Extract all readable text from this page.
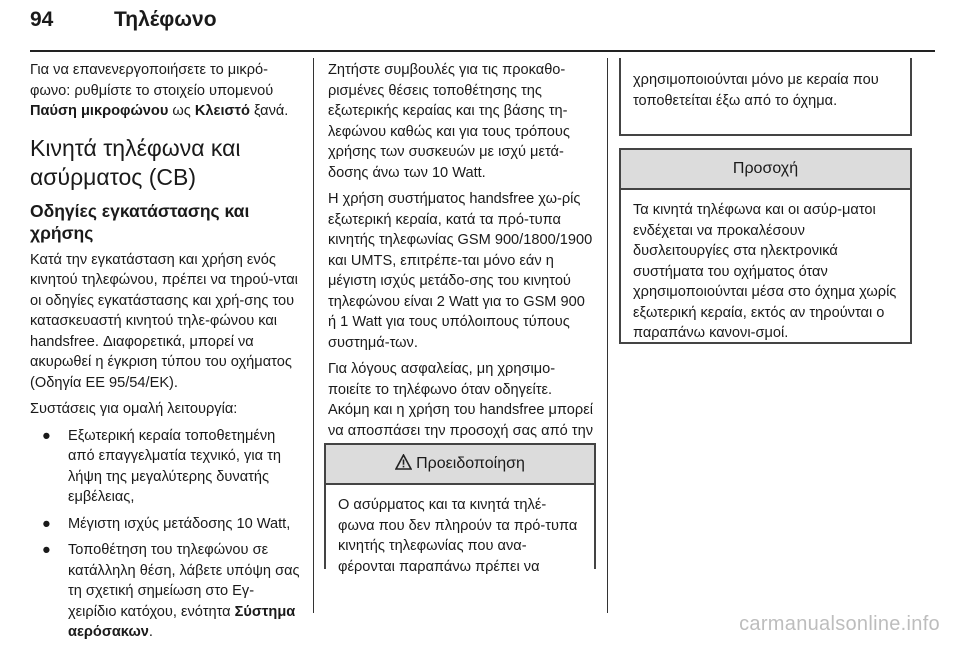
94	Τηλέφωνο

Για να επανενεργοποιήσετε το μικρό-φωνο: ρυθμίστε το στοιχείο υπομενού Παύση μικροφώνου ως Κλειστό ξανά.

Κινητά τηλέφωνα και ασύρματος (CB)
Οδηγίες εγκατάστασης και χρήσης

Κατά την εγκατάσταση και χρήση ενός κινητού τηλεφώνου, πρέπει να τηρού-νται οι οδηγίες εγκατάστασης και χρή-σης του κατασκευαστή κινητού τηλε-φώνου και handsfree. Διαφορετικά, μπορεί να ακυρωθεί η έγκριση τύπου του οχήματος (Οδηγία ΕΕ 95/54/ΕΚ).

Συστάσεις για ομαλή λειτουργία:

● Εξωτερική κεραία τοποθετημένη από επαγγελματία τεχνικό, για τη λήψη της μεγαλύτερης δυνατής εμβέλειας,
● Μέγιστη ισχύς μετάδοσης 10 Watt,
● Τοποθέτηση του τηλεφώνου σε κατάλληλη θέση, λάβετε υπόψη σας τη σχετική σημείωση στο Εγ-χειρίδιο κατόχου, ενότητα Σύστημα αερόσακων.

Ζητήστε συμβουλές για τις προκαθο-ρισμένες θέσεις τοποθέτησης της εξωτερικής κεραίας και της βάσης τη-λεφώνου καθώς και για τους τρόπους χρήσης των συσκευών με ισχύ μετά-δοσης άνω των 10 Watt.

Η χρήση συστήματος handsfree χω-ρίς εξωτερική κεραία, κατά τα πρό-τυπα κινητής τηλεφωνίας GSM 900/1800/1900 και UMTS, επιτρέπε-ται μόνο εάν η μέγιστη ισχύς μετάδο-σης του κινητού τηλεφώνου είναι 2 Watt για το GSM 900 ή 1 Watt για τους υπόλοιπους τύπους συστημά-των.

Για λόγους ασφαλείας, μη χρησιμο-ποιείτε το τηλέφωνο όταν οδηγείτε. Ακόμη και η χρήση του handsfree μπορεί να αποσπάσει την προσοχή σας από την

Προειδοποίηση
Ο ασύρματος και τα κινητά τηλέ-φωνα που δεν πληρούν τα πρό-τυπα κινητής τηλεφωνίας που ανα-φέρονται παραπάνω πρέπει να
χρησιμοποιούνται μόνο με κεραία που τοποθετείται έξω από το όχημα.
Προσοχή
Τα κινητά τηλέφωνα και οι ασύρ-ματοι ενδέχεται να προκαλέσουν δυσλειτουργίες στα ηλεκτρονικά συστήματα του οχήματος όταν χρησιμοποιούνται μέσα στο όχημα χωρίς εξωτερική κεραία, εκτός αν τηρούνται ο παραπάνω κανονι-σμοί.
carmanualsonline.info
